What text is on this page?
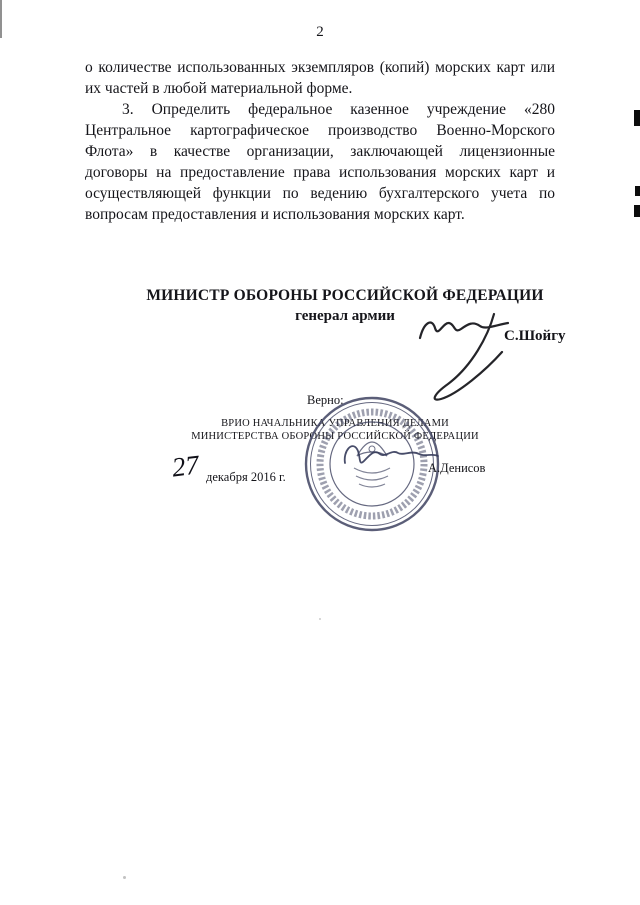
2

о количестве использованных экземпляров (копий) морских карт или их частей в любой материальной форме.

3. Определить федеральное казенное учреждение «280 Центральное картографическое производство Военно-Морского Флота» в качестве организации, заключающей лицензионные договоры на предоставление права использования морских карт и осуществляющей функции по ведению бухгалтерского учета по вопросам предоставления и использования морских карт.

МИНИСТР ОБОРОНЫ РОССИЙСКОЙ ФЕДЕРАЦИИ
генерал армии
С.Шойгу
Верно:
ВРИО НАЧАЛЬНИКА УПРАВЛЕНИЯ ДЕЛАМИ
МИНИСТЕРСТВА ОБОРОНЫ РОССИЙСКОЙ ФЕДЕРАЦИИ
27 декабря 2016 г.
А.Денисов
